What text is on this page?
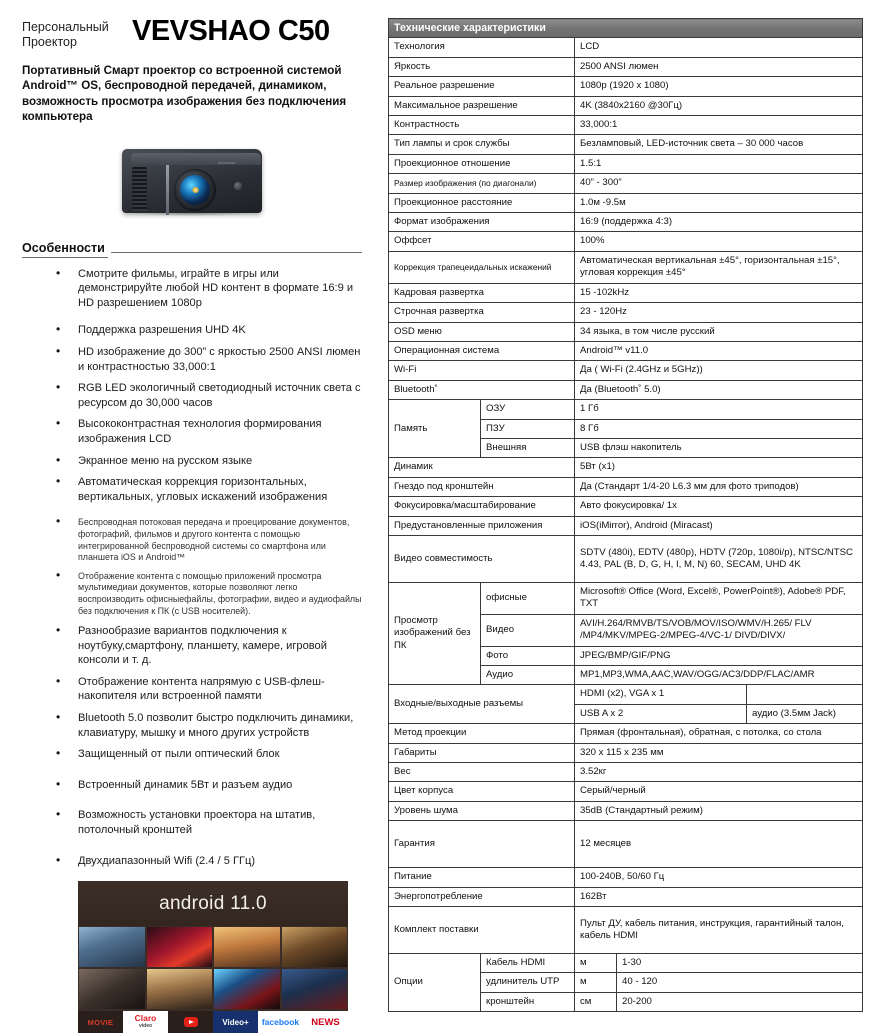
Персональный Проектор	VEVSHAO C50
Портативный Смарт проектор со встроенной системой Android™ OS, беспроводной передачей, динамиком, возможность просмотра изображения без подключения компьютера
vevshao
Особенности
• Смотрите фильмы, играйте в игры или демонстрируйте любой HD контент в формате 16:9 и HD разрешением 1080p
• Поддержка разрешения UHD 4K
• HD изображение до 300” с яркостью 2500 ANSI люмен и контрастностью 33,000:1
• RGB LED экологичный светодиодный источник света с ресурсом до 30,000 часов
• Высококонтрастная технология формирования изображения LCD
• Экранное меню на русском языке
• Автоматическая коррекция горизонтальных, вертикальных, угловых искажений изображения
• Беспроводная потоковая передача и проецирование документов, фотографий, фильмов и другого контента с помощью интегрированной беспроводной системы со смартфона или планшета iOS и Android™
• Отображение контента с помощью приложений просмотра мультимедиаи документов, которые позволяют легко воспроизводить офисныефайлы, фотографии, видео и аудиофайлы без подключения к ПК (с USB носителей).
• Разнообразие вариантов подключения к ноутбуку,смартфону, планшету, камере, игровой консоли и т. д.
• Отображение контента напрямую с USB-флеш-накопителя или встроенной памяти
• Bluetooth 5.0 позволит быстро подключить динамики, клавиатуру, мышку и много других устройств
• Защищенный от пыли оптический блок
• Встроенный динамик 5Вт и разъем аудио
• Возможность установки проектора на штатив, потолочный кронштей
• Двухдиапазонный Wifi (2.4 / 5 ГГц)
android 11.0
MOVIE	Claro
video	Video+	facebook	NEWS
Технические характеристики				
Технология		LCD		
Яркость		2500 ANSI люмен		
Реальное разрешение		1080p (1920 x 1080)		
Максимальное разрешение		4K (3840x2160 @30Гц)		
Контрастность		33,000:1		
Тип лампы и срок службы		Безламповый, LED-источник света – 30 000 часов		
Проекционное отношение		1.5:1		
Размер изображения (по диагонали)		40” - 300”		
Проекционное расстояние		1.0м -9.5м		
Формат изображения		16:9 (поддержка 4:3)		
Оффсет		100%		
Коррекция трапецеидальных искажений		Автоматическая вертикальная ±45°, горизонтальная ±15°, угловая коррекция ±45°		
Кадровая развертка		15 -102kHz		
Строчная развертка		23 - 120Hz		
OSD меню		34 языка, в том числе русский		
Операционная система		Android™ v11.0		
Wi-Fi		Да ( Wi-Fi (2.4GHz и 5GHz))		
Bluetooth˚		Да (Bluetooth˚ 5.0)		
Память	ОЗУ	1 Гб		
	ПЗУ	8 Гб		
	Внешняя	USB флэш накопитель		

Динамик		5Вт (x1)		
Гнездо под кронштейн		Да (Стандарт 1/4-20 L6.3 мм для фото триподов)		
Фокусировка/масштабирование		Авто фокусировка/ 1x		
Предустановленные приложения		iOS(iMirror), Android (Miracast)		
Видео совместимость		SDTV (480i), EDTV (480p), HDTV (720p, 1080i/p), NTSC/NTSC 4.43, PAL (B, D, G, H, I, M, N) 60, SECAM, UHD 4K		
Просмотр изображений без ПК	офисные	Microsoft® Office (Word, Excel®, PowerPoint®), Adobe® PDF, TXT		
	Видео	AVI/H.264/RMVB/TS/VOB/MOV/ISO/WMV/H.265/ FLV /MP4/MKV/MPEG-2/MPEG-4/VC-1/ DIVD/DIVX/		
	Фото	JPEG/BMP/GIF/PNG		
	Аудио	MP1,MP3,WMA,AAC,WAV/OGG/AC3/DDP/FLAC/AMR		
Входные/выходные разъемы		HDMI (x2), VGA x 1		
		USB A x 2		аудио (3.5мм Jack)
Метод проекции		Прямая (фронтальная), обратная, с потолка, со стола		
Габариты		320 x 115 x 235 мм		
Вес		3.52кг		
Цвет корпуса		Серый/черный		
Уровень шума		35dB (Стандартный режим)		
Гарантия		12 месяцев		
Питание		100-240В, 50/60 Гц		
Энергопотребление		162Вт		
Комплект поставки		Пульт ДУ, кабель питания, инструкция, гарантийный талон, кабель HDMI		
Опции	Кабель HDMI	м	1-30	
	удлинитель UTP	м	40 - 120	
	кронштейн	см	20-200	
